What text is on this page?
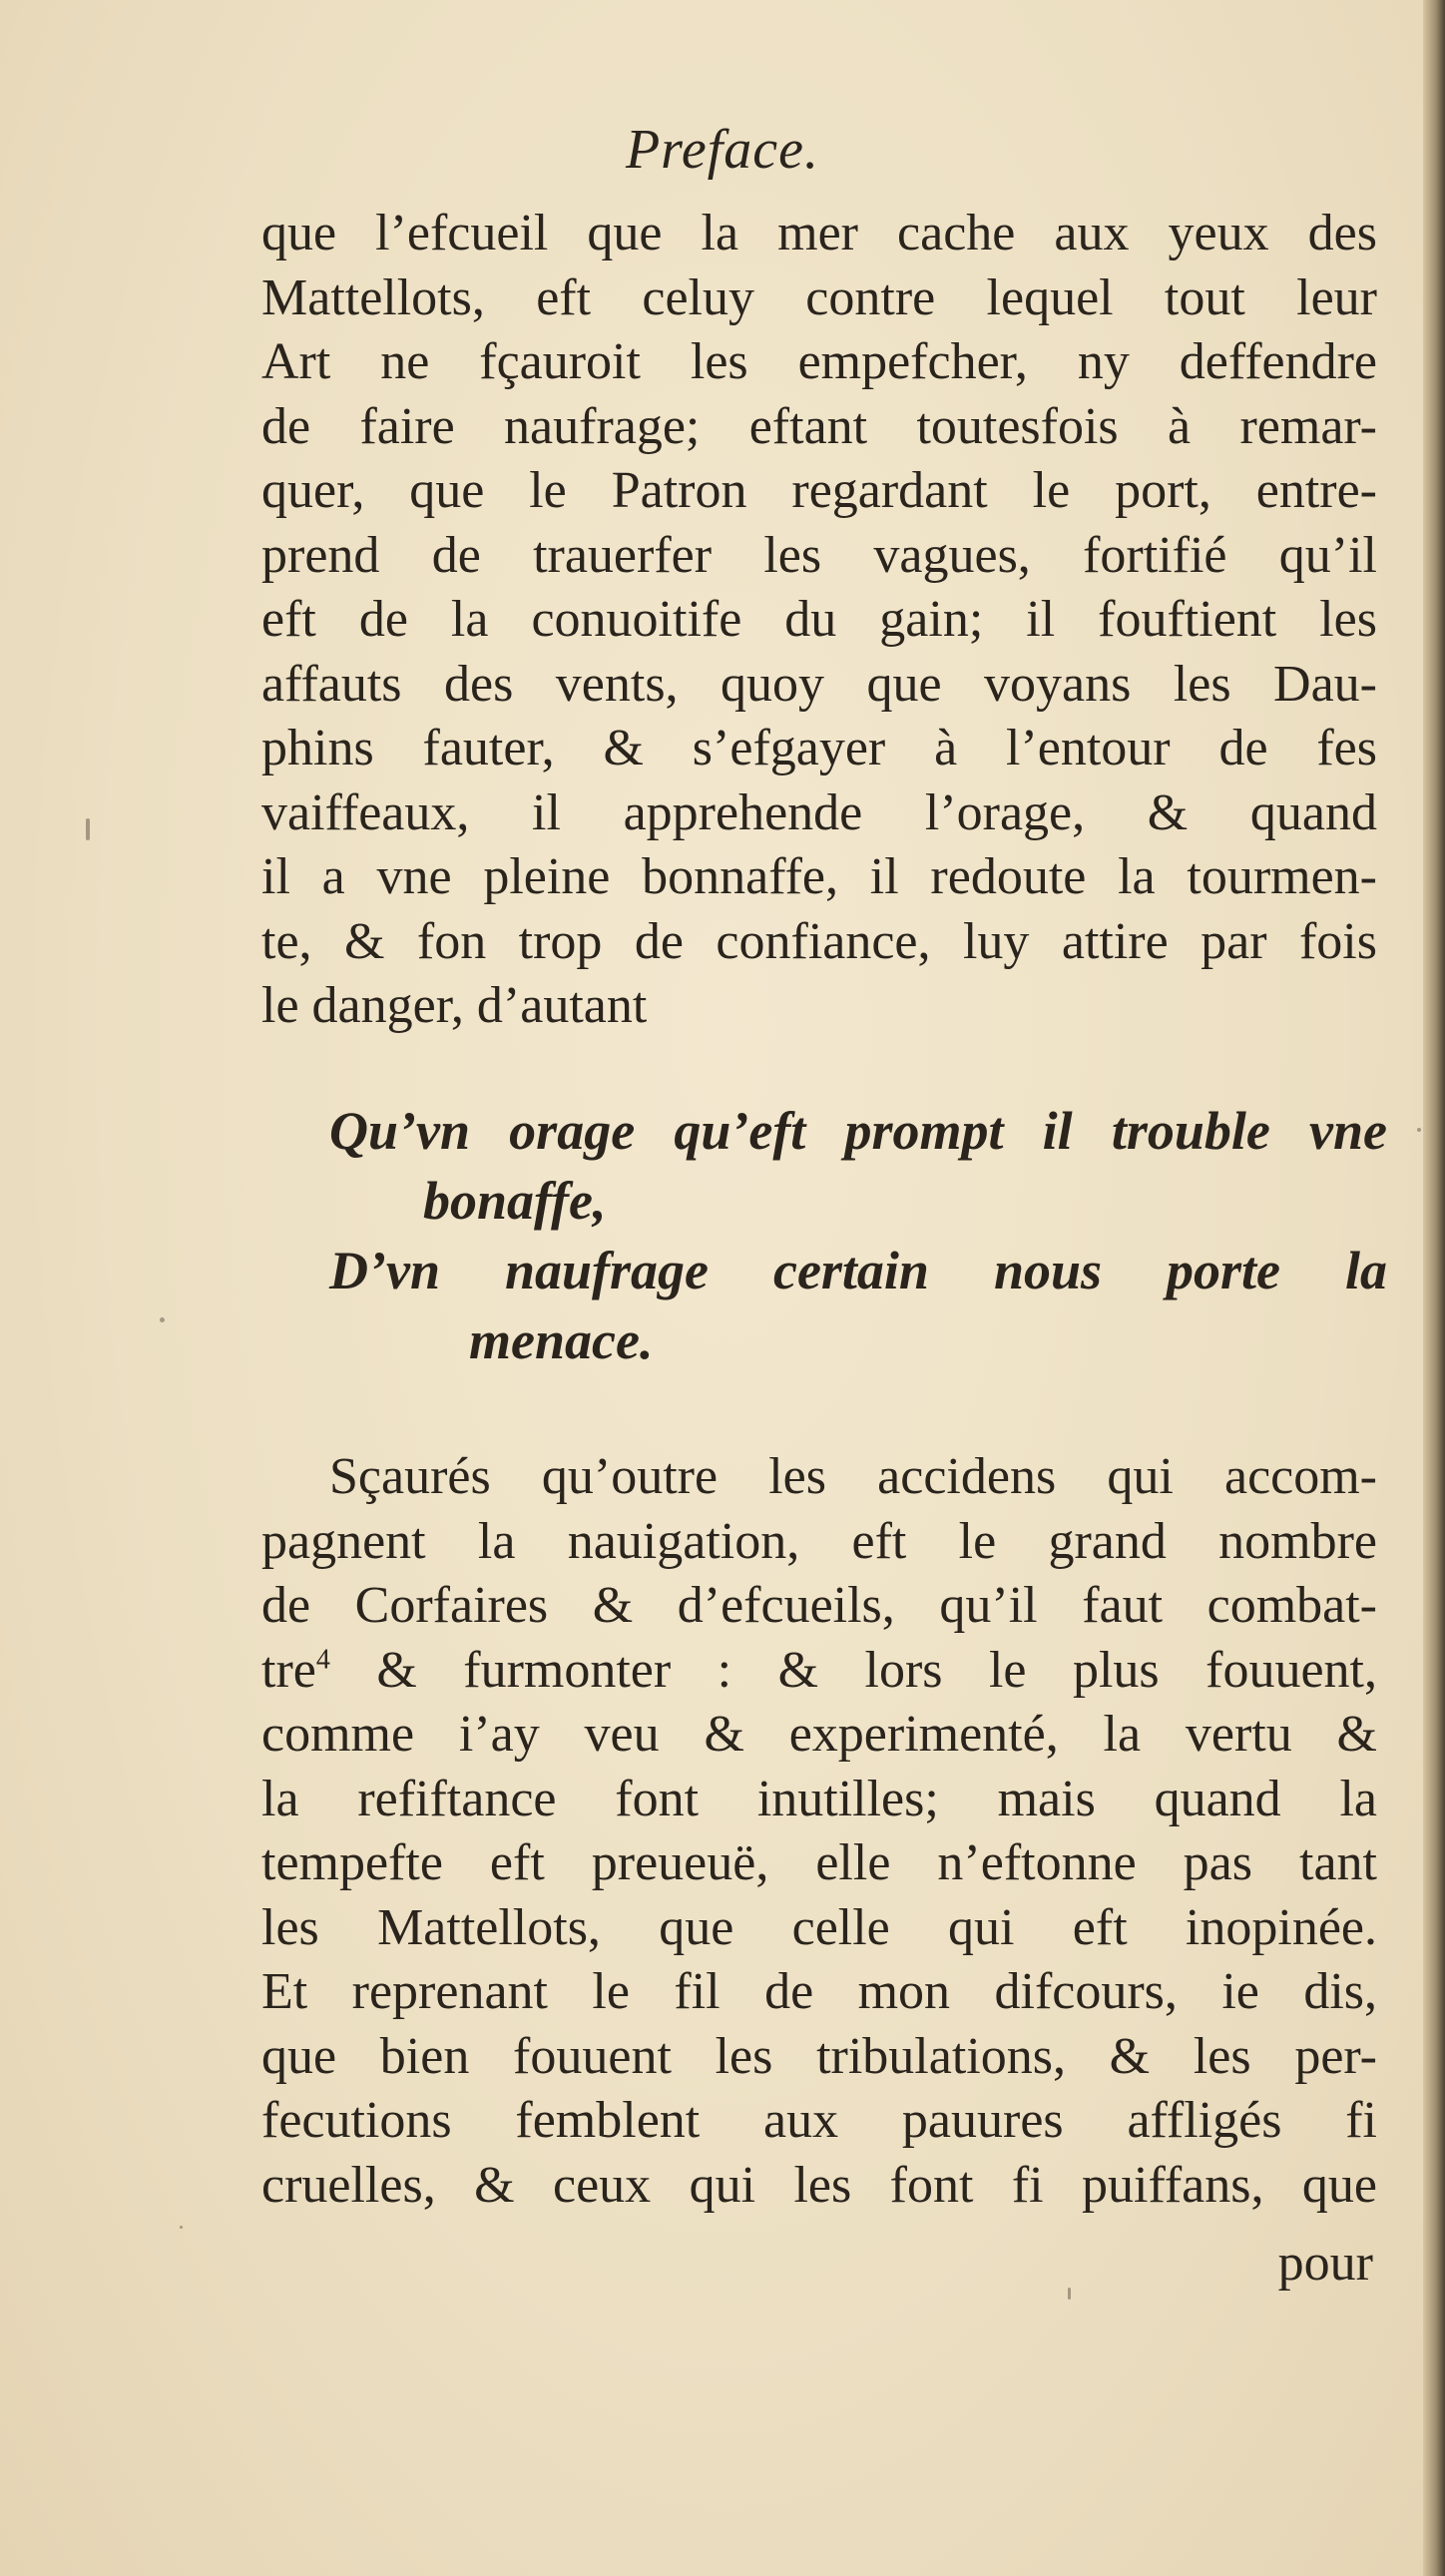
Preface.
que l’efcueil que la mer cache aux yeux des
Mattellots, eft celuy contre lequel tout leur
Art ne fçauroit les empefcher, ny deffendre
de faire naufrage; eftant toutesfois à remar-
quer, que le Patron regardant le port, entre-
prend de trauerfer les vagues, fortifié qu’il
eft de la conuoitife du gain; il fouftient les
affauts des vents, quoy que voyans les Dau-
phins fauter, & s’efgayer à l’entour de fes
vaiffeaux, il apprehende l’orage, & quand
il a vne pleine bonnaffe, il redoute la tourmen-
te, & fon trop de confiance, luy attire par fois
le danger, d’autant
Qu’vn orage qu’eft prompt il trouble vne
bonaffe,
D’vn naufrage certain nous porte la
menace.
Sçaurés qu’outre les accidens qui accom-
pagnent la nauigation, eft le grand nombre
de Corfaires & d’efcueils, qu’il faut combat-
tre$^4$ & furmonter : & lors le plus fouuent,
comme i’ay veu & experimenté, la vertu &
la refiftance font inutilles; mais quand la
tempefte eft preueuë, elle n’eftonne pas tant
les Mattellots, que celle qui eft inopinée.
Et reprenant le fil de mon difcours, ie dis,
que bien fouuent les tribulations, & les per-
fecutions femblent aux pauures affligés fi
cruelles, & ceux qui les font fi puiffans, que
pour
